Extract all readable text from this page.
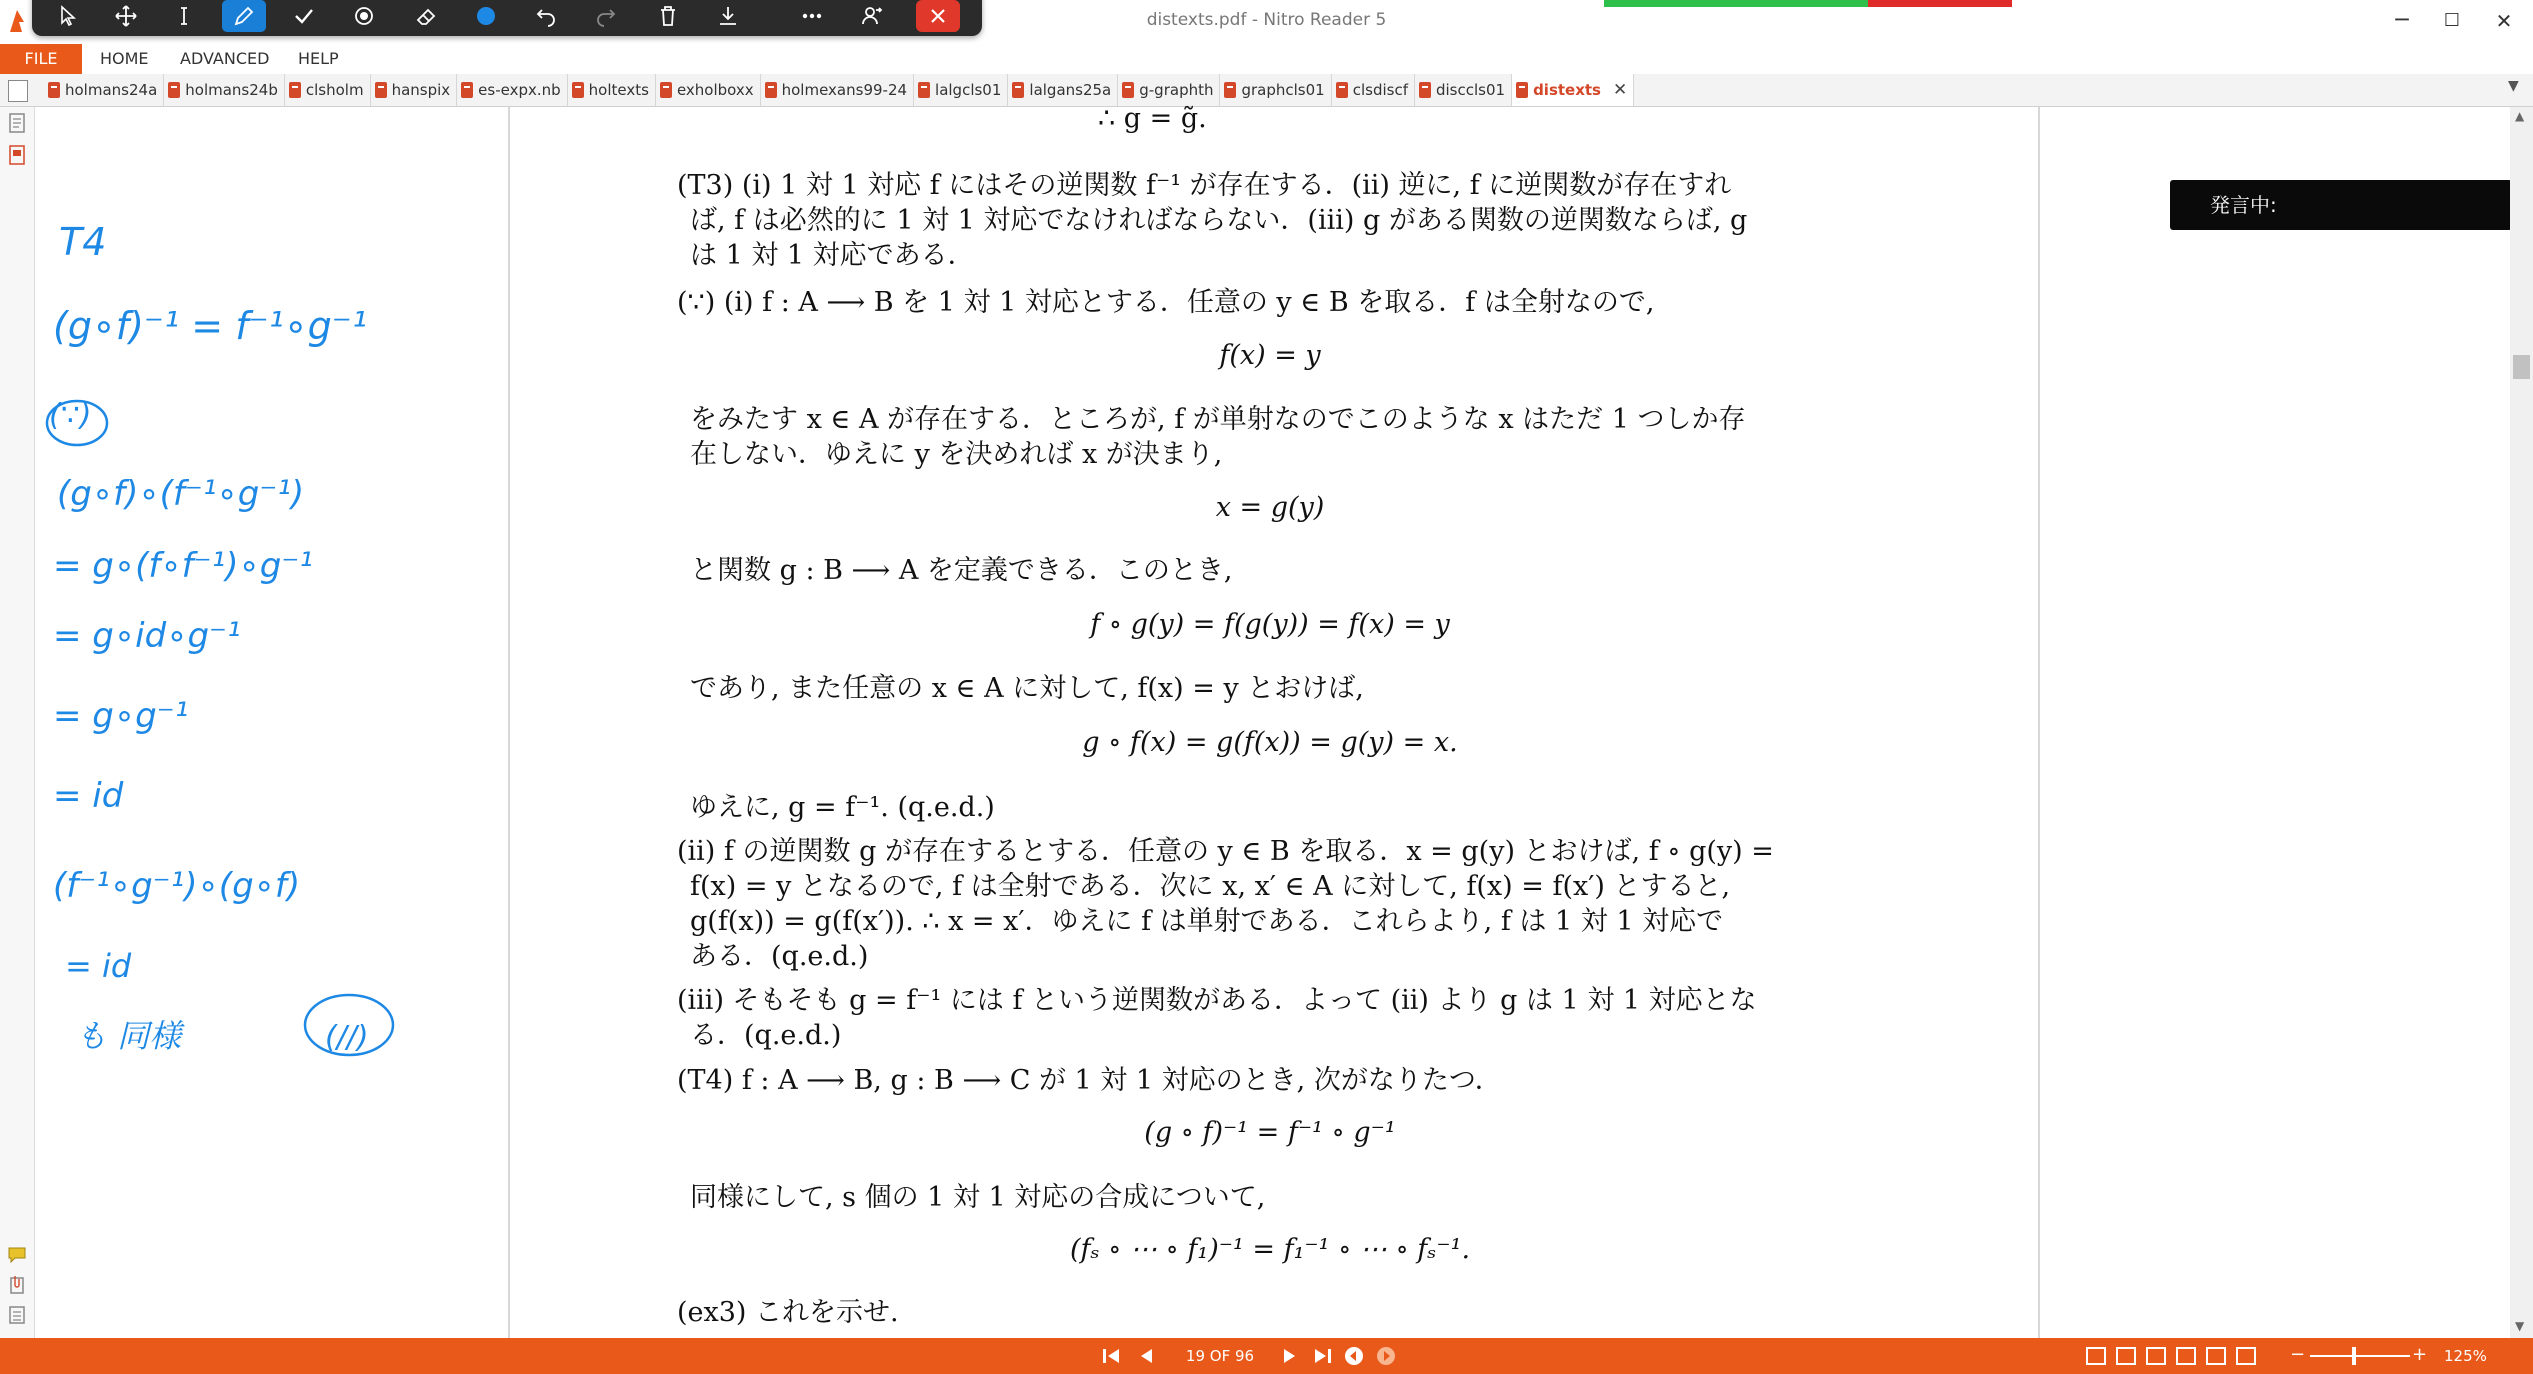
distexts.pdf - Nitro Reader 5	─	☐	✕
FILE	HOME ADVANCED HELP
holmans24a holmans24b clsholm hanspix es-expx.nb holtexts exholboxx holmexans99-24 lalgcls01 lalgans25a g-graphth graphcls01 clsdiscf disccls01 distexts ✕	▼
T4
(g∘f)⁻¹ = f⁻¹∘g⁻¹
(∵)
(g∘f)∘(f⁻¹∘g⁻¹)
= g∘(f∘f⁻¹)∘g⁻¹
= g∘id∘g⁻¹
= g∘g⁻¹
= id
(f⁻¹∘g⁻¹)∘(g∘f)
= id
も 同様	(//)
∴ g = g̃.
(T3) (i) 1 対 1 対応 f にはその逆関数 f⁻¹ が存在する．(ii) 逆に, f に逆関数が存在すれ
ば, f は必然的に 1 対 1 対応でなければならない．(iii) g がある関数の逆関数ならば, g
は 1 対 1 対応である．
(∵) (i) f : A ⟶ B を 1 対 1 対応とする．任意の y ∈ B を取る．f は全射なので,
f(x) = y
をみたす x ∈ A が存在する．ところが, f が単射なのでこのような x はただ 1 つしか存
在しない．ゆえに y を決めれば x が決まり,
x = g(y)
と関数 g : B ⟶ A を定義できる．このとき,
f ∘ g(y) = f(g(y)) = f(x) = y
であり, また任意の x ∈ A に対して, f(x) = y とおけば,
g ∘ f(x) = g(f(x)) = g(y) = x.
ゆえに, g = f⁻¹. (q.e.d.)
(ii) f の逆関数 g が存在するとする．任意の y ∈ B を取る．x = g(y) とおけば, f ∘ g(y) =
f(x) = y となるので, f は全射である．次に x, x′ ∈ A に対して, f(x) = f(x′) とすると,
g(f(x)) = g(f(x′)). ∴ x = x′．ゆえに f は単射である．これらより, f は 1 対 1 対応で
ある．(q.e.d.)
(iii) そもそも g = f⁻¹ には f という逆関数がある．よって (ii) より g は 1 対 1 対応とな
る．(q.e.d.)
(T4) f : A ⟶ B, g : B ⟶ C が 1 対 1 対応のとき, 次がなりたつ．
(g ∘ f)⁻¹ = f⁻¹ ∘ g⁻¹
同様にして, s 個の 1 対 1 対応の合成について,
(fₛ ∘ ⋯ ∘ f₁)⁻¹ = f₁⁻¹ ∘ ⋯ ∘ fₛ⁻¹.
(ex3) これを示せ.
発言中:
▲
▼
19 OF 96	−	+ 125%
